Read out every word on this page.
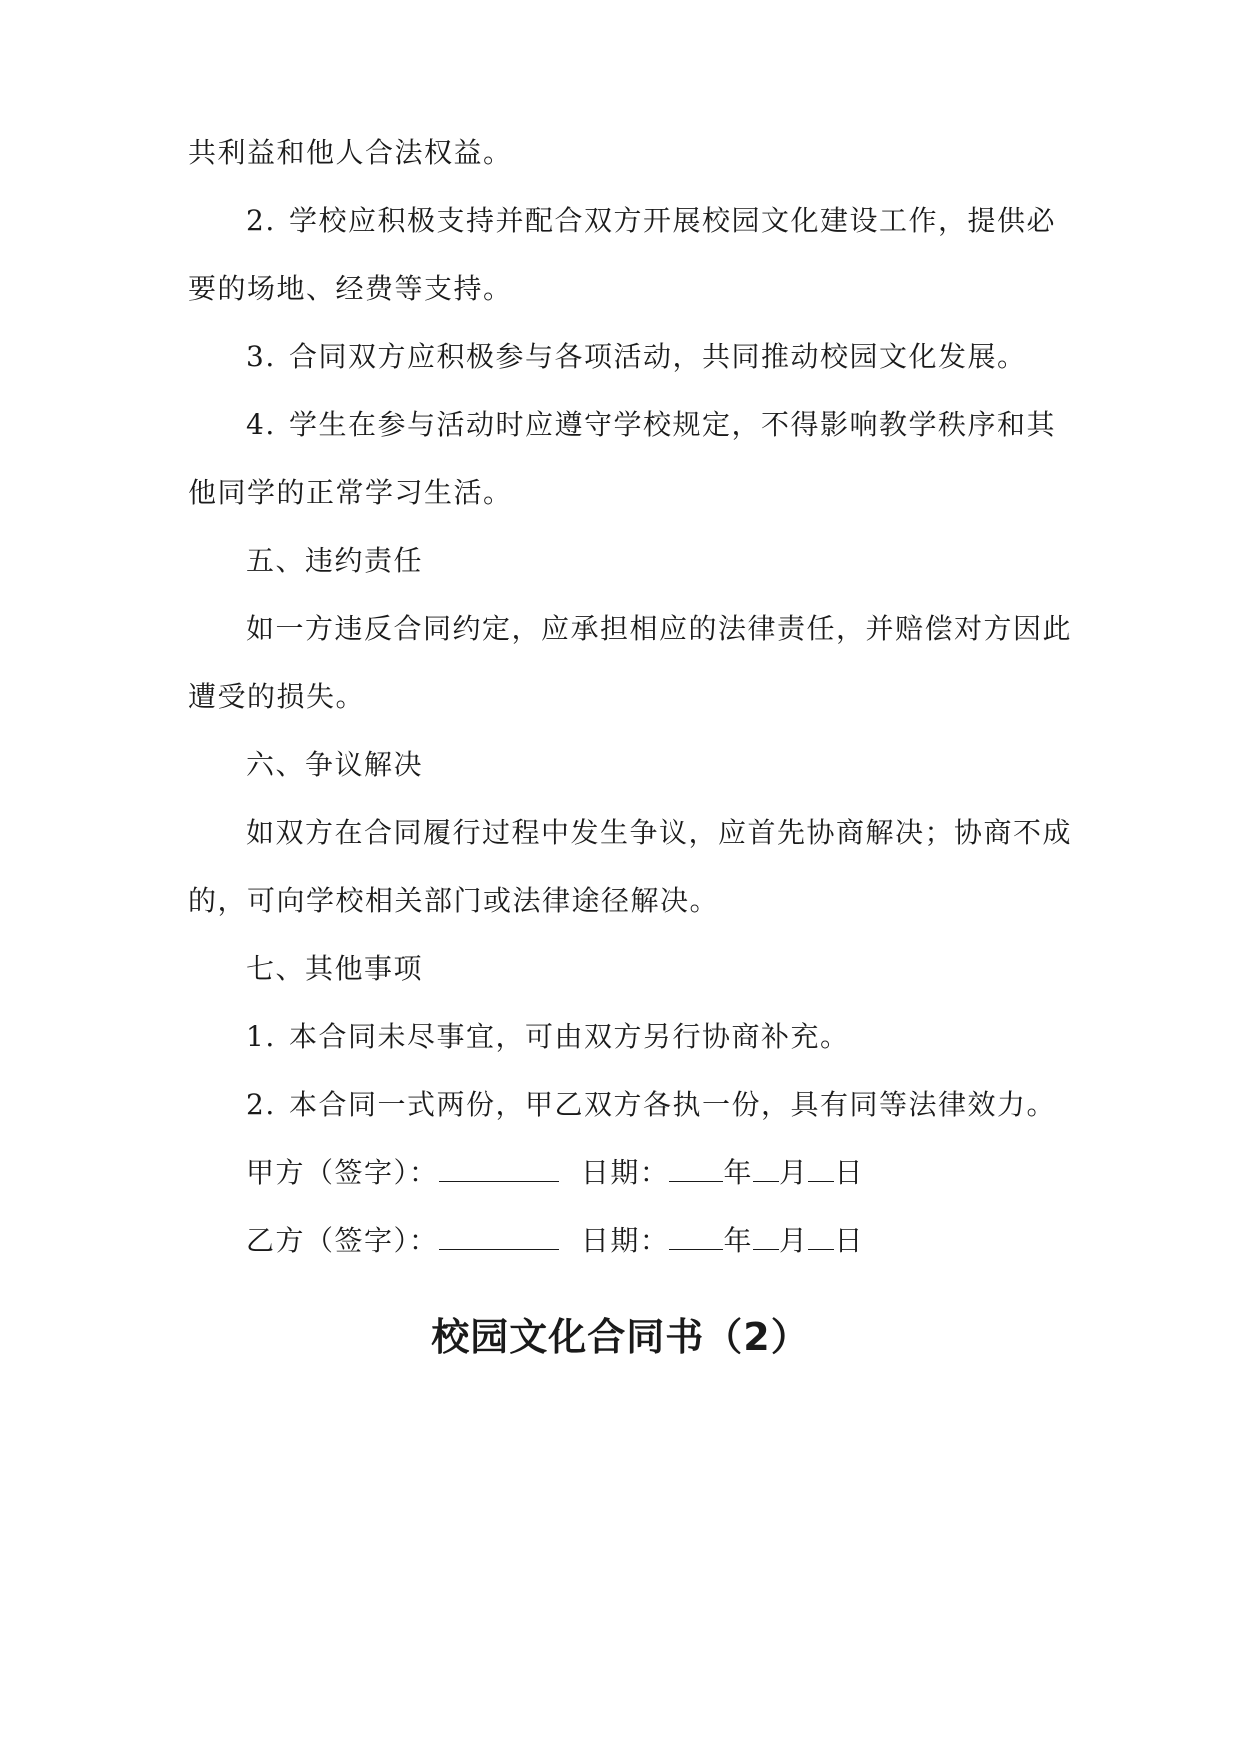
共利益和他人合法权益。
2. 学校应积极支持并配合双方开展校园文化建设工作，提供必
要的场地、经费等支持。
3. 合同双方应积极参与各项活动，共同推动校园文化发展。
4. 学生在参与活动时应遵守学校规定，不得影响教学秩序和其
他同学的正常学习生活。
五、违约责任
如一方违反合同约定，应承担相应的法律责任，并赔偿对方因此
遭受的损失。
六、争议解决
如双方在合同履行过程中发生争议，应首先协商解决；协商不成
的，可向学校相关部门或法律途径解决。
七、其他事项
1. 本合同未尽事宜，可由双方另行协商补充。
2. 本合同一式两份，甲乙双方各执一份，具有同等法律效力。
甲方（签字）：	日期： 年 月 日
乙方（签字）：	日期： 年 月 日
校园文化合同书（2）
